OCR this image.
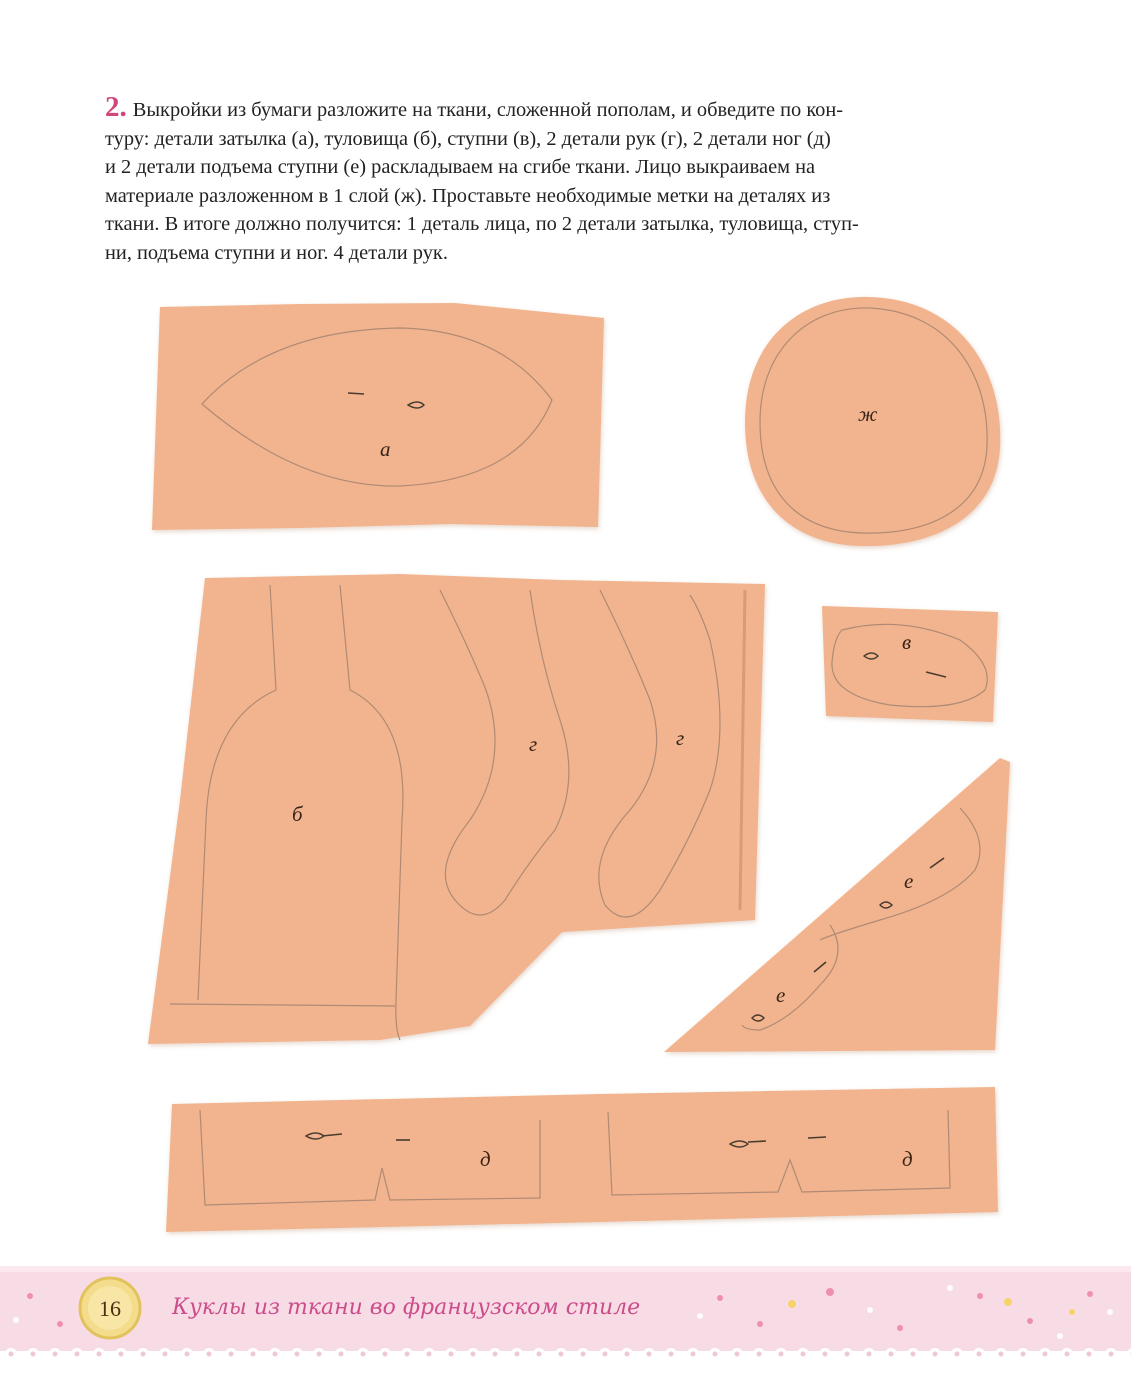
2. Выкройки из бумаги разложите на ткани, сложенной пополам, и обведите по кон-
туру: детали затылка (а), туловища (б), ступни (в), 2 детали рук (г), 2 детали ног (д)
и 2 детали подъема ступни (е) раскладываем на сгибе ткани. Лицо выкраиваем на
материале разложенном в 1 слой (ж). Проставьте необходимые метки на деталях из
ткани. В итоге должно получится: 1 деталь лица, по 2 детали затылка, туловища, ступ-
ни, подъема ступни и ног. 4 детали рук.
а
ж
б
г	г
в
е
е
д	д
16 Куклы из ткани во французском стиле
